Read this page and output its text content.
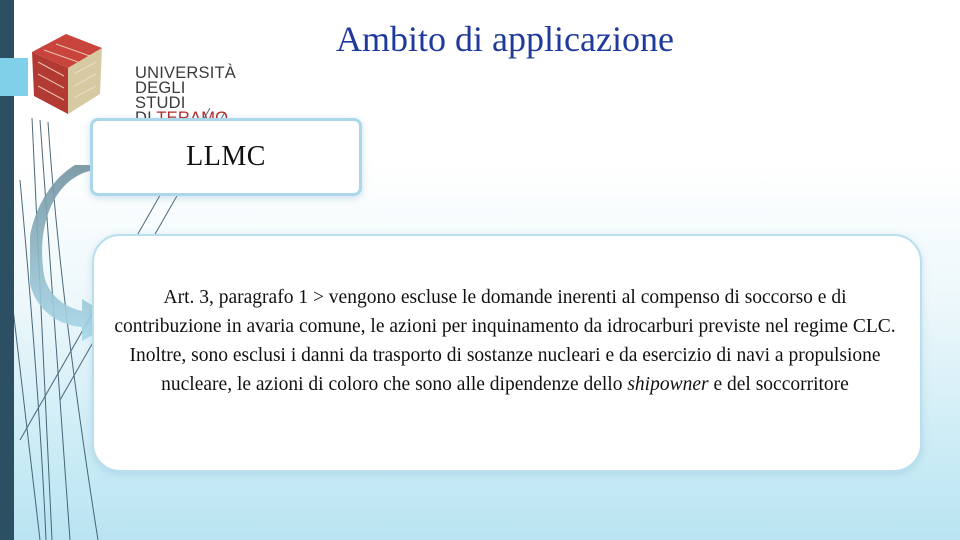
UNIVERSITÀ
DEGLI STUDI
Ambito di applicazione
LLMC
Art. 3, paragrafo 1 > vengono escluse le domande inerenti al compenso di soccorso e di contribuzione in avaria comune, le azioni per inquinamento da idrocarburi previste nel regime CLC. Inoltre, sono esclusi i danni da trasporto di sostanze nucleari e da esercizio di navi a propulsione nucleare, le azioni di coloro che sono alle dipendenze dello shipowner e del soccorritore
